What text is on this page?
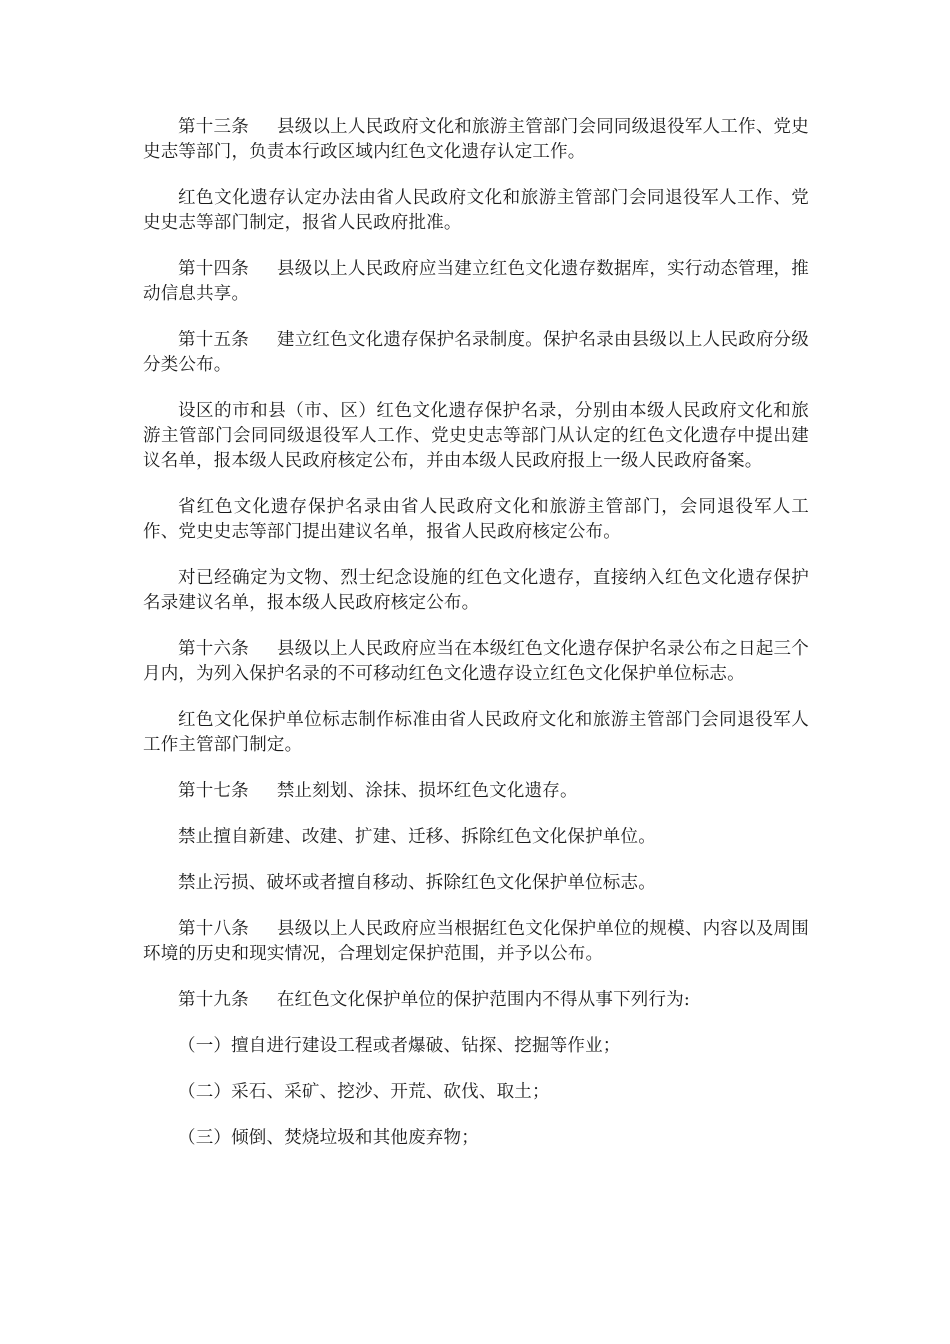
第十三条 县级以上人民政府文化和旅游主管部门会同同级退役军人工作、党史史志等部门，负责本行政区域内红色文化遗存认定工作。

红色文化遗存认定办法由省人民政府文化和旅游主管部门会同退役军人工作、党史史志等部门制定，报省人民政府批准。

第十四条 县级以上人民政府应当建立红色文化遗存数据库，实行动态管理，推动信息共享。

第十五条 建立红色文化遗存保护名录制度。保护名录由县级以上人民政府分级分类公布。

设区的市和县（市、区）红色文化遗存保护名录，分别由本级人民政府文化和旅游主管部门会同同级退役军人工作、党史史志等部门从认定的红色文化遗存中提出建议名单，报本级人民政府核定公布，并由本级人民政府报上一级人民政府备案。

省红色文化遗存保护名录由省人民政府文化和旅游主管部门，会同退役军人工作、党史史志等部门提出建议名单，报省人民政府核定公布。

对已经确定为文物、烈士纪念设施的红色文化遗存，直接纳入红色文化遗存保护名录建议名单，报本级人民政府核定公布。

第十六条 县级以上人民政府应当在本级红色文化遗存保护名录公布之日起三个月内，为列入保护名录的不可移动红色文化遗存设立红色文化保护单位标志。

红色文化保护单位标志制作标准由省人民政府文化和旅游主管部门会同退役军人工作主管部门制定。

第十七条 禁止刻划、涂抹、损坏红色文化遗存。

禁止擅自新建、改建、扩建、迁移、拆除红色文化保护单位。

禁止污损、破坏或者擅自移动、拆除红色文化保护单位标志。

第十八条 县级以上人民政府应当根据红色文化保护单位的规模、内容以及周围环境的历史和现实情况，合理划定保护范围，并予以公布。

第十九条 在红色文化保护单位的保护范围内不得从事下列行为:

（一）擅自进行建设工程或者爆破、钻探、挖掘等作业；

（二）采石、采矿、挖沙、开荒、砍伐、取土；

（三）倾倒、焚烧垃圾和其他废弃物；
